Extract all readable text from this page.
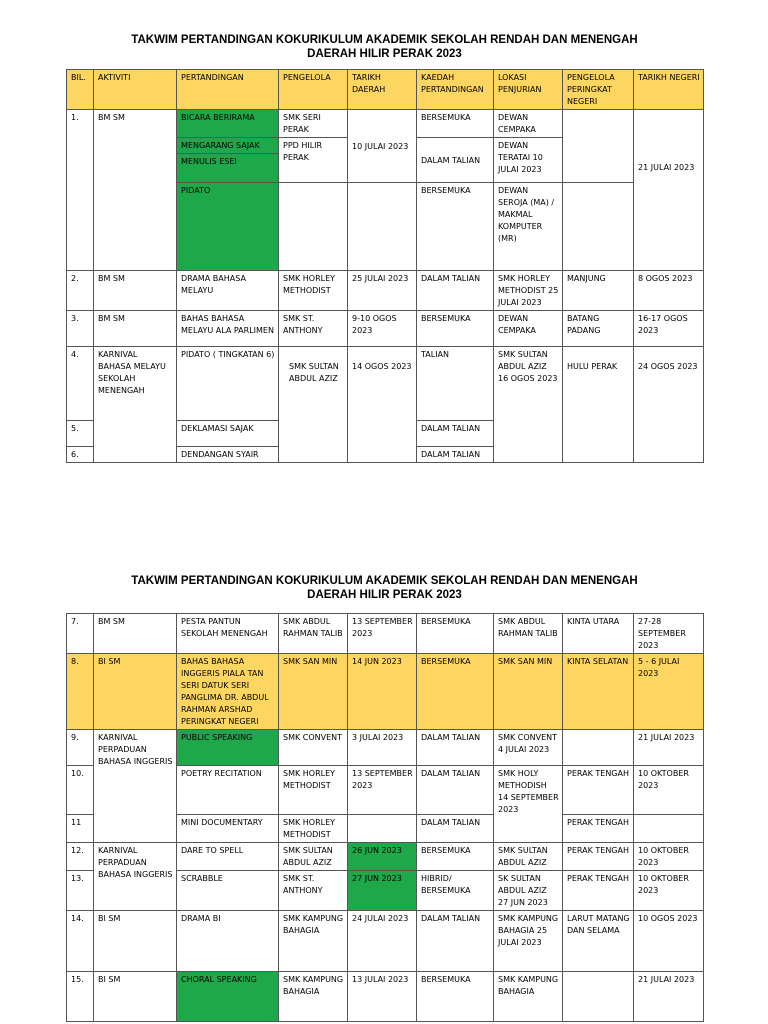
TAKWIM PERTANDINGAN KOKURIKULUM AKADEMIK SEKOLAH RENDAH DAN MENENGAH
DAERAH HILIR PERAK 2023
BIL.	AKTIVITI	PERTANDINGAN	PENGELOLA	TARIKH DAERAH	KAEDAH PERTANDINGAN	LOKASI PENJURIAN	PENGELOLA PERINGKAT NEGERI	TARIKH NEGERI
1.	BM SM	BICARA BERIRAMA	SMK SERI PERAK	10 JULAI 2023	BERSEMUKA	DEWAN CEMPAKA		21 JULAI 2023
		MENGARANG SAJAK	PPD HILIR PERAK		DALAM TALIAN	DEWAN TERATAI 10 JULAI 2023		
		MENULIS ESEI						
		PIDATO			BERSEMUKA	DEWAN SEROJA (MA) / MAKMAL KOMPUTER (MR)		
2.	BM SM	DRAMA BAHASA MELAYU	SMK HORLEY METHODIST	25 JULAI 2023	DALAM TALIAN	SMK HORLEY METHODIST 25 JULAI 2023	MANJUNG	8 OGOS 2023
3.	BM SM	BAHAS BAHASA MELAYU ALA PARLIMEN	SMK ST. ANTHONY	9-10 OGOS 2023	BERSEMUKA	DEWAN CEMPAKA	BATANG PADANG	16-17 OGOS 2023
4.	KARNIVAL BAHASA MELAYU SEKOLAH MENENGAH	PIDATO ( TINGKATAN 6)	SMK SULTAN ABDUL AZIZ	14 OGOS 2023	TALIAN	SMK SULTAN ABDUL AZIZ 16 OGOS 2023	HULU PERAK	24 OGOS 2023
5.		DEKLAMASI SAJAK			DALAM TALIAN			
6.		DENDANGAN SYAIR			DALAM TALIAN			
TAKWIM PERTANDINGAN KOKURIKULUM AKADEMIK SEKOLAH RENDAH DAN MENENGAH
DAERAH HILIR PERAK 2023
7.	BM SM	PESTA PANTUN SEKOLAH MENENGAH	SMK ABDUL RAHMAN TALIB	13 SEPTEMBER 2023	BERSEMUKA	SMK ABDUL RAHMAN TALIB	KINTA UTARA	27-28 SEPTEMBER 2023
8.	BI SM	BAHAS BAHASA INGGERIS PIALA TAN SERI DATUK SERI PANGLIMA DR. ABDUL RAHMAN ARSHAD PERINGKAT NEGERI	SMK SAN MIN	14 JUN 2023	BERSEMUKA	SMK SAN MIN	KINTA SELATAN	5 - 6 JULAI 2023
9.	KARNIVAL PERPADUAN BAHASA INGGERIS	PUBLIC SPEAKING	SMK CONVENT	3 JULAI 2023	DALAM TALIAN	SMK CONVENT 4 JULAI 2023		21 JULAI 2023
10.		POETRY RECITATION	SMK HORLEY METHODIST	13 SEPTEMBER 2023	DALAM TALIAN	SMK HOLY METHODISH 14 SEPTEMBER 2023	PERAK TENGAH	10 OKTOBER 2023
11		MINI DOCUMENTARY	SMK HORLEY METHODIST		DALAM TALIAN		PERAK TENGAH	
12.	KARNIVAL PERPADUAN BAHASA INGGERIS	DARE TO SPELL	SMK SULTAN ABDUL AZIZ	26 JUN 2023	BERSEMUKA	SMK SULTAN ABDUL AZIZ	PERAK TENGAH	10 OKTOBER 2023
13.		SCRABBLE	SMK ST. ANTHONY	27 JUN 2023	HIBRID/ BERSEMUKA	SK SULTAN ABDUL AZIZ 27 JUN 2023	PERAK TENGAH	10 OKTOBER 2023
14.	BI SM	DRAMA BI	SMK KAMPUNG BAHAGIA	24 JULAI 2023	DALAM TALIAN	SMK KAMPUNG BAHAGIA 25 JULAI 2023	LARUT MATANG DAN SELAMA	10 OGOS 2023
15.	BI SM	CHORAL SPEAKING	SMK KAMPUNG BAHAGIA	13 JULAI 2023	BERSEMUKA	SMK KAMPUNG BAHAGIA		21 JULAI 2023
